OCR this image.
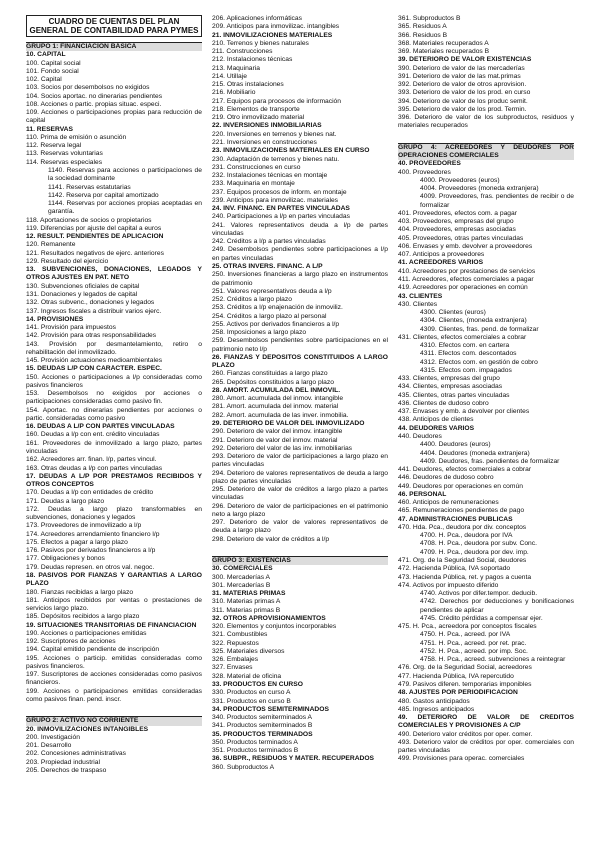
CUADRO DE CUENTAS DEL PLAN GENERAL DE CONTABILIDAD PARA PYMES
GRUPO 1: FINANCIACIÓN BÁSICA
10. CAPITAL
100. Capital social
101. Fondo social
102. Capital
103. Socios por desembolsos no exigidos
104. Socios aportac. no dinerarias pendientes
108. Acciones o partic. propias situac. especi.
109. Acciones o participaciones propias para reducción de capital
11. RESERVAS
110. Prima de emisión o asunción
112. Reserva legal
113. Reservas voluntarias
114. Reservas especiales
1140. Reservas para acciones o participaciones de la sociedad dominante
1141. Reservas estatutarias
1142. Reserva por capital amortizado
1144. Reservas por acciones propias aceptadas en garantía.
118. Aportaciones de socios o propietarios
119. Diferencias por ajuste del capital a euros
12. RESULT. PENDIENTES DE APLICACIÓN
120. Remanente
121. Resultados negativos de ejerc. anteriores
129. Resultado del ejercicio
13. SUBVENCIONES, DONACIONES, LEGADOS Y OTROS AJUSTES EN PAT. NETO
130. Subvenciones oficiales de capital
131. Donaciones y legados de capital
132. Otras subvenc., donaciones y legados
137. Ingresos fiscales a distribuir varios ejerc.
14. PROVISIONES
141. Provisión para impuestos
142. Provisión para otras responsabilidades
143. Provisión por desmantelamiento, retiro o rehabilitación del inmovilizado.
145. Provisión actuaciones medioambientales
15. DEUDAS L/P CON CARÁCTER. ESPEC.
150. Acciones o participaciones a l/p consideradas como pasivos financieros
153. Desembolsos no exigidos por acciones o participaciones consideradas como pasivo fin.
154. Aportac. no dinerarias pendientes por acciones o partic. consideradas como pasivo
16. DEUDAS A L/P CON PARTES VINCULADAS
160. Deudas a l/p con ent. crédito vinculadas
161. Proveedores de inmovilizado a largo plazo, partes vinculadas
162. Acreedores arr. finan. l/p, partes vincul.
163. Otras deudas a l/p con partes vinculadas
17. DEUDAS A L/P POR PRÉSTAMOS RECIBIDOS Y OTROS CONCEPTOS
170. Deudas a l/p con entidades de crédito
171. Deudas a largo plazo
172. Deudas a largo plazo transformables en subvenciones, donaciones y legados
173. Proveedores de inmovilizado a l/p
174. Acreedores arrendamiento financiero l/p
175. Efectos a pagar a largo plazo
176. Pasivos por derivados financieros a l/p
177. Obligaciones y bonos
179. Deudas represen. en otros val. negoc.
18. PASIVOS POR FIANZAS Y GARANTÍAS A LARGO PLAZO
180. Fianzas recibidas a largo plazo
181. Anticipos recibidos por ventas o prestaciones de servicios largo plazo.
185. Depósitos recibidos a largo plazo
19. SITUACIONES TRANSITORIAS DE FINANCIACIÓN
190. Acciones o participaciones emitidas
192. Suscriptores de acciones
194. Capital emitido pendiente de inscripción
195. Acciones o particip. emitidas consideradas como pasivos financieros.
197. Suscriptores de acciones consideradas como pasivos financieros.
199. Acciones o participaciones emitidas consideradas como pasivos finan. pend. inscr.
GRUPO 2: ACTIVO NO CORRIENTE
20. INMOVILIZACIONES INTANGIBLES
200. Investigación
201. Desarrollo
202. Concesiones administrativas
203. Propiedad industrial
205. Derechos de traspaso
206. Aplicaciones informáticas
209. Anticipos para inmovilizac. intangibles
21. INMOVILIZACIONES MATERIALES
210. Terrenos y bienes naturales
211. Construcciones
212. Instalaciones técnicas
213. Maquinaria
214. Utillaje
215. Otras instalaciones
216. Mobiliario
217. Equipos para procesos de información
218. Elementos de transporte
219. Otro inmovilizado material
22. INVERSIONES INMOBILIARIAS
220. Inversiones en terrenos y bienes nat.
221. Inversiones en construcciones
23. INMOVILIZACIONES MATERIALES EN CURSO
230. Adaptación de terrenos y bienes natu.
231. Construcciones en curso
232. Instalaciones técnicas en montaje
233. Maquinaria en montaje
237. Equipos procesos de inform. en montaje
239. Anticipos para inmovilizac. materiales
24. INV. FINANC. EN PARTES VINCULADAS
240. Participaciones a l/p en partes vinculadas
241. Valores representativos deuda a l/p de partes vinculadas
242. Créditos a l/p a partes vinculadas
249. Desembolsos pendientes sobre participaciones a l/p en partes vinculadas
25. OTRAS INVERS. FINANC. A L/P
250. Inversiones financieras a largo plazo en instrumentos de patrimonio
251. Valores representativos deuda a l/p
252. Créditos a largo plazo
253. Créditos a l/p enajenación de inmoviliz.
254. Créditos a largo plazo al personal
255. Activos por derivados financieros a l/p
258. Imposiciones a largo plazo
259. Desembolsos pendientes sobre participaciones en el patrimonio neto l/p
26. FIANZAS Y DEPÓSITOS CONSTITUIDOS A LARGO PLAZO
260. Fianzas constituidas a largo plazo
265. Depósitos constituidos a largo plazo
28. AMORT. ACUMULADA DEL INMOVIL.
280. Amort. acumulada del inmov. intangible
281. Amort. acumulada del inmov. material
282. Amort. acumulada de las inver. inmobilia.
29. DETERIORO DE VALOR DEL INMOVILIZADO
290. Deterioro de valor del inmov. intangible
291. Deterioro de valor del inmov. material
292. Deterioro del valor de las inv. inmobiliarias
293. Deterioro de valor de participaciones a largo plazo en partes vinculadas
294. Deterioro de valores representativos de deuda a largo plazo de partes vinculadas
295. Deterioro de valor de créditos a largo plazo a partes vinculadas
296. Deterioro de valor de participaciones en el patrimonio neto a largo plazo
297. Deterioro de valor de valores representativos de deuda a largo plazo
298. Deterioro de valor de créditos a l/p
GRUPO 3: EXISTENCIAS
30. COMERCIALES
300. Mercaderías A
301. Mercaderías B
31. MATERIAS PRIMAS
310. Materias primas A
311. Materias primas B
32. OTROS APROVISIONAMIENTOS
320. Elementos y conjuntos incorporables
321. Combustibles
322. Repuestos
325. Materiales diversos
326. Embalajes
327. Envases
328. Material de oficina
33. PRODUCTOS EN CURSO
330. Productos en curso A
331. Productos en curso B
34. PRODUCTOS SEMITERMINADOS
340. Productos semiterminados A
341. Productos semiterminados B
35. PRODUCTOS TERMINADOS
350. Productos terminados A
351. Productos terminados B
36. SUBPR., RESIDUOS Y MATER. RECUPERADOS
360. Subproductos A
361. Subproductos B
365. Residuos A
366. Residuos B
368. Materiales recuperados A
369. Materiales recuperados B
39. DETERIORO DE VALOR EXISTENCIAS
390. Deterioro de valor de las mercaderías
391. Deterioro de valor de las mat.primas
392. Deterioro de valor de otros aprovision.
393. Deterioro de valor de los prod. en curso
394. Deterioro de valor de los produc semit.
395. Deterioro de valor de los prod. Termin.
396. Deterioro de valor de los subproductos, residuos y materiales recuperados
GRUPO 4: ACREEDORES Y DEUDORES POR OPERACIONES COMERCIALES
40. PROVEEDORES
400. Proveedores
4000. Proveedores (euros)
4004. Proveedores (moneda extranjera)
4009. Proveedores, fras. pendientes de recibir o de formalizar
401. Proveedores, efectos com. a pagar
403. Proveedores, empresas del grupo
404. Proveedores, empresas asociadas
405. Proveedores, otras partes vinculadas
406. Envases y emb. devolver a proveedores
407. Anticipos a proveedores
41. ACREEDORES VARIOS
410. Acreedores por prestaciones de servicios
411. Acreedores, efectos comerciales a pagar
419. Acreedores por operaciones en común
43. CLIENTES
430. Clientes
4300. Clientes (euros)
4304. Clientes, (moneda extranjera)
4309. Clientes, fras. pend. de formalizar
431. Clientes, efectos comerciales a cobrar
4310. Efectos com. en cartera
4311. Efectos com. descontados
4312. Efectos com. en gestión de cobro
4315. Efectos com. impagados
433. Clientes, empresas del grupo
434. Clientes, empresas asociadas
435. Clientes, otras partes vinculadas
436. Clientes de dudoso cobro
437. Envases y emb. a devolver por clientes
438. Anticipos de clientes
44. DEUDORES VARIOS
440. Deudores
4400. Deudores (euros)
4404. Deudores (moneda extranjera)
4409. Deudores, fras. pendientes de formalizar
441. Deudores, efectos comerciales a cobrar
446. Deudores de dudoso cobro
449. Deudores por operaciones en común
46. PERSONAL
460. Anticipos de remuneraciones
465. Remuneraciones pendientes de pago
47. ADMINISTRACIONES PÚBLICAS
470. Hda. Pca., deudora por div. conceptos
4700. H. Pca., deudora por IVA
4708. H. Pca., deudora por subv. Conc.
4709. H. Pca., deudora por dev. imp.
471. Org. de la Seguridad Social, deudores
472. Hacienda Pública, IVA soportado
473. Hacienda Pública, ret. y pagos a cuenta
474. Activos por impuesto diferido
4740. Activos por difer.tempor. deducib.
4742. Derechos por deducciones y bonificaciones pendientes de aplicar
4745. Crédito pérdidas a compensar ejer.
475. H. Pca., acreedora por conceptos fiscales
4750. H. Pca., acreed. por IVA
4751. H. Pca., acreed. por ret. prac.
4752. H. Pca., acreed. por imp. Soc.
4758. H. Pca., acreed. subvenciones a reintegrar
476. Org. de la Seguridad Social, acreedores
477. Hacienda Pública, IVA repercutido
479. Pasivos diferen. temporarias imponibles
48. AJUSTES POR PERIODIFICACIÓN
480. Gastos anticipados
485. Ingresos anticipados
49. DETERIORO DE VALOR DE CRÉDITOS COMERCIALES Y PROVISIONES A C/P
490. Deterioro valor créditos por oper. comer.
493. Deterioro valor de créditos por oper. comerciales con partes vinculadas
499. Provisiones para operac. comerciales
